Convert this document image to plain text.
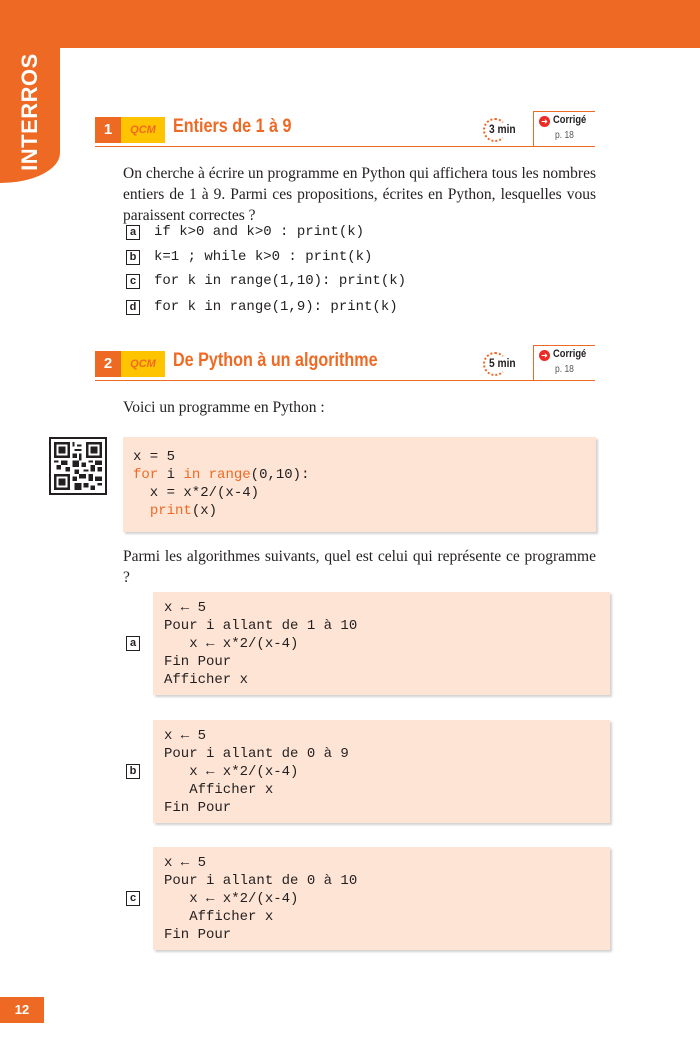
INTERROS	1	QCM Entiers de 1 à 9	3 min
➜ Corrigé
p. 18
On cherche à écrire un programme en Python qui affichera tous les nombres entiers de 1 à 9. Parmi ces propositions, écrites en Python, lesquelles vous paraissent correctes ?
a if k>0 and k>0 : print(k)
b k=1 ; while k>0 : print(k)
c for k in range(1,10): print(k)
d for k in range(1,9): print(k)
2	QCM De Python à un algorithme	5 min
➜ Corrigé
p. 18
Voici un programme en Python :
x = 5
for i in range(0,10):
x = x*2/(x-4)
print(x)
Parmi les algorithmes suivants, quel est celui qui représente ce programme ?
a
x ← 5
Pour i allant de 1 à 10
x ← x*2/(x-4)
Fin Pour
Afficher x
b
x ← 5
Pour i allant de 0 à 9
x ← x*2/(x-4)
Afficher x
Fin Pour
c
x ← 5
Pour i allant de 0 à 10
x ← x*2/(x-4)
Afficher x
Fin Pour
12
